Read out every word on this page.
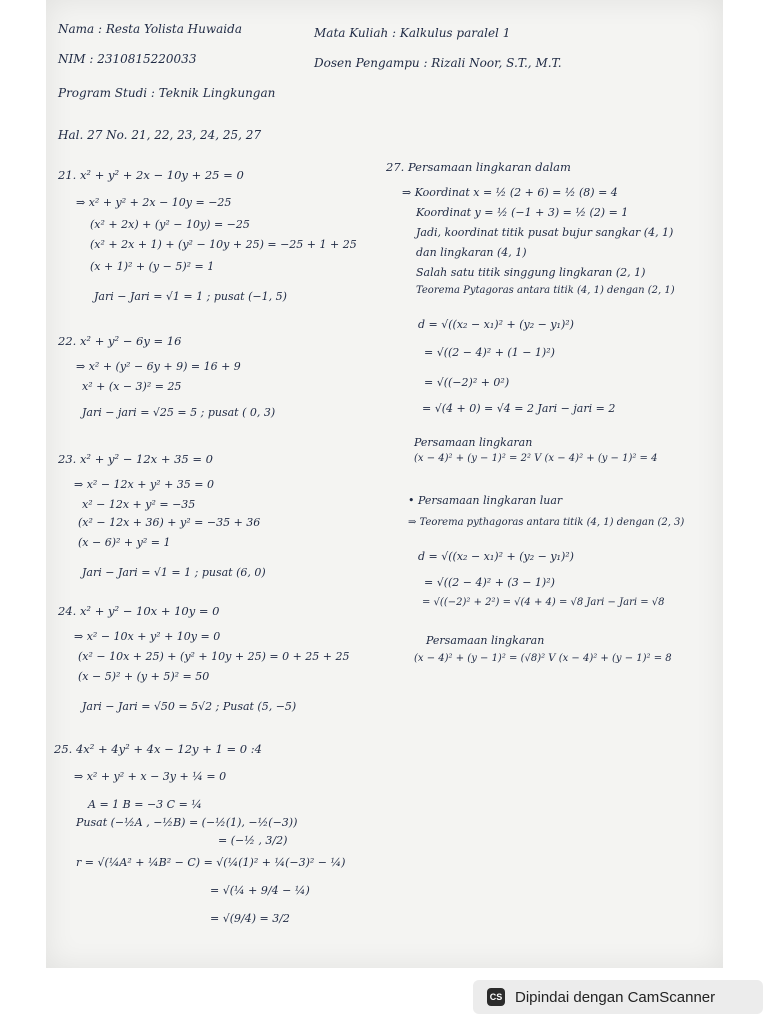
Nama : Resta Yolista Huwaida
NIM : 2310815220033
Program Studi : Teknik Lingkungan
Mata Kuliah : Kalkulus paralel 1
Dosen Pengampu : Rizali Noor, S.T., M.T.
Hal. 27 No. 21, 22, 23, 24, 25, 27
21. x² + y² + 2x − 10y + 25 = 0
⇒ x² + y² + 2x − 10y = −25
(x² + 2x) + (y² − 10y) = −25
(x² + 2x + 1) + (y² − 10y + 25) = −25 + 1 + 25
(x + 1)² + (y − 5)² = 1
Jari − Jari = √1 = 1 ; pusat (−1, 5)
22. x² + y² − 6y = 16
⇒ x² + (y² − 6y + 9) = 16 + 9
x² + (x − 3)² = 25
Jari − jari = √25 = 5 ; pusat ( 0, 3)
23. x² + y² − 12x + 35 = 0
⇒ x² − 12x + y² + 35 = 0
x² − 12x + y² = −35
(x² − 12x + 36) + y² = −35 + 36
(x − 6)² + y² = 1
Jari − Jari = √1 = 1 ; pusat (6, 0)
24. x² + y² − 10x + 10y = 0
⇒ x² − 10x + y² + 10y = 0
(x² − 10x + 25) + (y² + 10y + 25) = 0 + 25 + 25
(x − 5)² + (y + 5)² = 50
Jari − Jari = √50 = 5√2 ; Pusat (5, −5)
25. 4x² + 4y² + 4x − 12y + 1 = 0 :4
⇒ x² + y² + x − 3y + ¼ = 0
A = 1 B = −3 C = ¼
Pusat (−½A , −½B) = (−½(1), −½(−3))
= (−½ , 3/2)
r = √(¼A² + ¼B² − C) = √(¼(1)² + ¼(−3)² − ¼)
= √(¼ + 9/4 − ¼)
= √(9/4) = 3/2
27. Persamaan lingkaran dalam
⇒ Koordinat x = ½ (2 + 6) = ½ (8) = 4
Koordinat y = ½ (−1 + 3) = ½ (2) = 1
Jadi, koordinat titik pusat bujur sangkar (4, 1)
dan lingkaran (4, 1)
Salah satu titik singgung lingkaran (2, 1)
Teorema Pytagoras antara titik (4, 1) dengan (2, 1)
d = √((x₂ − x₁)² + (y₂ − y₁)²)
= √((2 − 4)² + (1 − 1)²)
= √((−2)² + 0²)
= √(4 + 0) = √4 = 2 Jari − jari = 2
Persamaan lingkaran
(x − 4)² + (y − 1)² = 2² V (x − 4)² + (y − 1)² = 4
• Persamaan lingkaran luar
⇒ Teorema pythagoras antara titik (4, 1) dengan (2, 3)
d = √((x₂ − x₁)² + (y₂ − y₁)²)
= √((2 − 4)² + (3 − 1)²)
= √((−2)² + 2²) = √(4 + 4) = √8 Jari − Jari = √8
Persamaan lingkaran
(x − 4)² + (y − 1)² = (√8)² V (x − 4)² + (y − 1)² = 8
CS Dipindai dengan CamScanner
